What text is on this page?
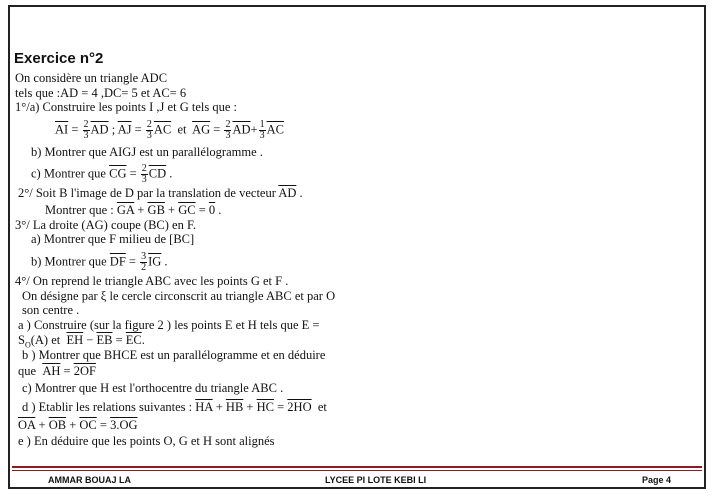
Exercice n°2
On considère un triangle ADC
tels que :AD = 4 ,DC= 5 et AC= 6
1°/a) Construire les points I ,J et G tels que :
$\overline{AI} = \frac{2}{3} \overline{AD}$ ; $\overline{AJ} = \frac{2}{3} \overline{AC}$ et $\overline{AG} = \frac{2}{3} \overline{AD}+ \frac{1}{3} \overline{AC}$
b) Montrer que AIGJ est un parallélogramme .
c) Montrer que $\overline{CG} = \frac{2}{3} \overline{CD}$ .
2°/ Soit B l'image de D par la translation de vecteur $\overline{AD}$ .
Montrer que : $\overline{GA} + \overline{GB} + \overline{GC} = 0$ .
3°/ La droite (AG) coupe (BC) en F.
a) Montrer que F milieu de [BC]
b) Montrer que $\overline{DF} = \frac{3}{2} \overline{IG}$ .
4°/ On reprend le triangle ABC avec les points G et F .
On désigne par ξ le cercle circonscrit au triangle ABC et par O
son centre .
a ) Construire (sur la figure 2 ) les points E et H tels que E =
$S_O(A)$ et $\overline{EH} - \overline{EB} = \overline{EC}$.
b ) Montrer que BHCE est un parallélogramme et en déduire
que $\overline{AH} = 2OF$
c) Montrer que H est l'orthocentre du triangle ABC .
d ) Etablir les relations suivantes : $\overline{HA} + \overline{HB} + \overline{HC} = 2HO$ et
$\overline{OA} + \overline{OB} + \overline{OC} = 3.OG$
e ) En déduire que les points O, G et H sont alignés
AMMAR BOUAJ LA	LYCEE PI LOTE KEBI LI	Page 4
